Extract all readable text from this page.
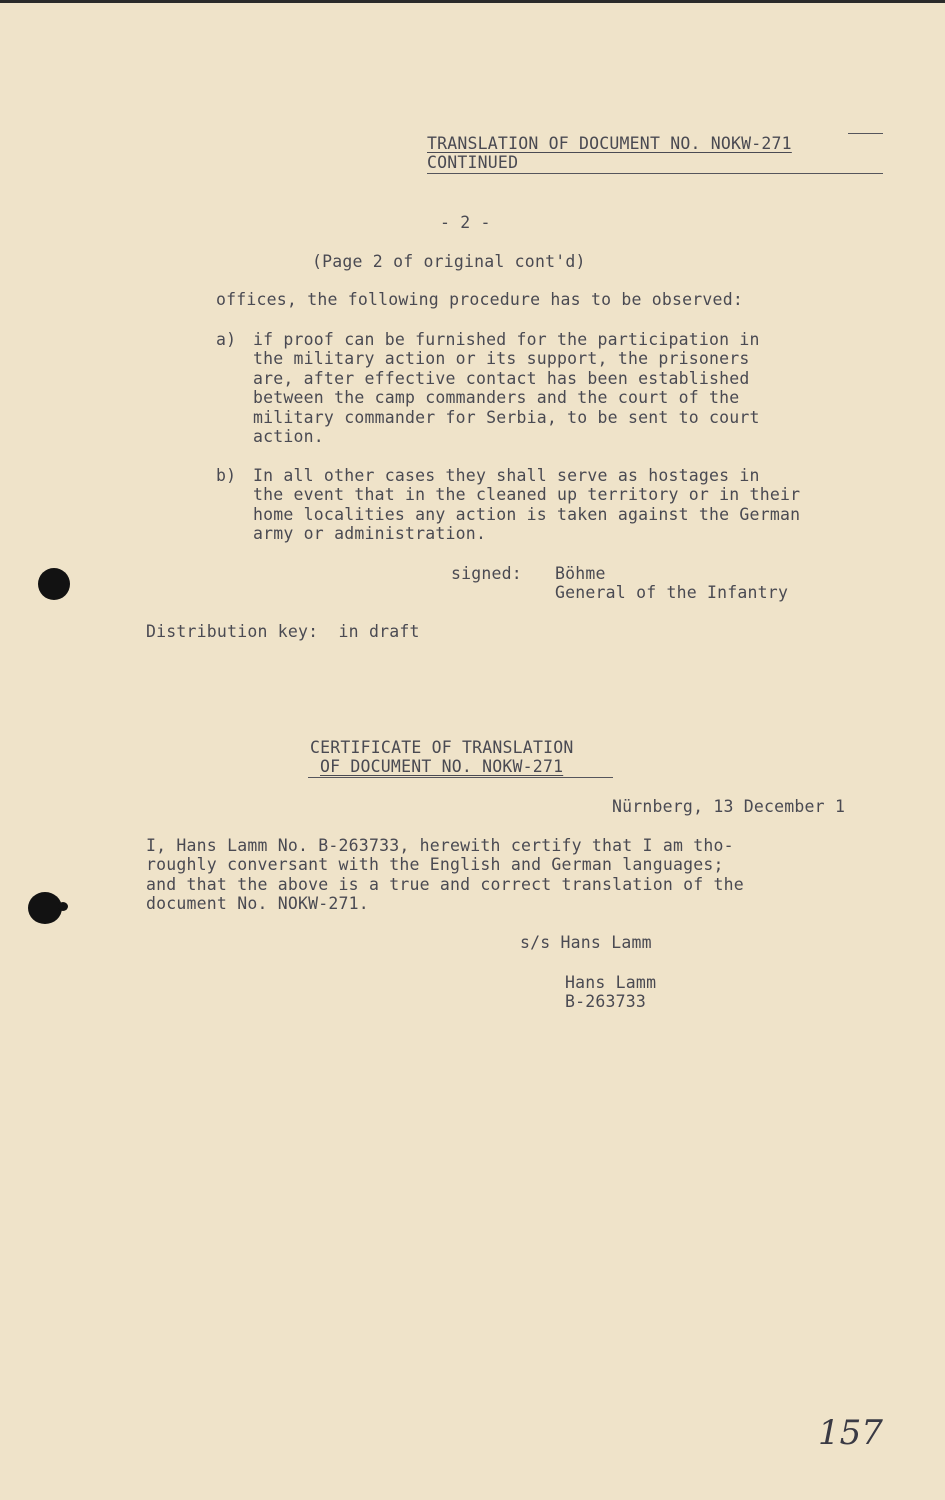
TRANSLATION OF DOCUMENT NO. NOKW-271
CONTINUED
- 2 -
(Page 2 of original cont'd)
offices, the following procedure has to be observed:
a) if proof can be furnished for the participation in
the military action or its support, the prisoners
are, after effective contact has been established
between the camp commanders and the court of the
military commander for Serbia, to be sent to court
action.
b) In all other cases they shall serve as hostages in
the event that in the cleaned up territory or in their
home localities any action is taken against the German
army or administration.
signed: Böhme
General of the Infantry
Distribution key:  in draft
CERTIFICATE OF TRANSLATION
OF DOCUMENT NO. NOKW-271
Nürnberg, 13 December 1
I, Hans Lamm No. B-263733, herewith certify that I am tho-
roughly conversant with the English and German languages;
and that the above is a true and correct translation of the
document No. NOKW-271.
s/s Hans Lamm
Hans Lamm
B-263733
157
